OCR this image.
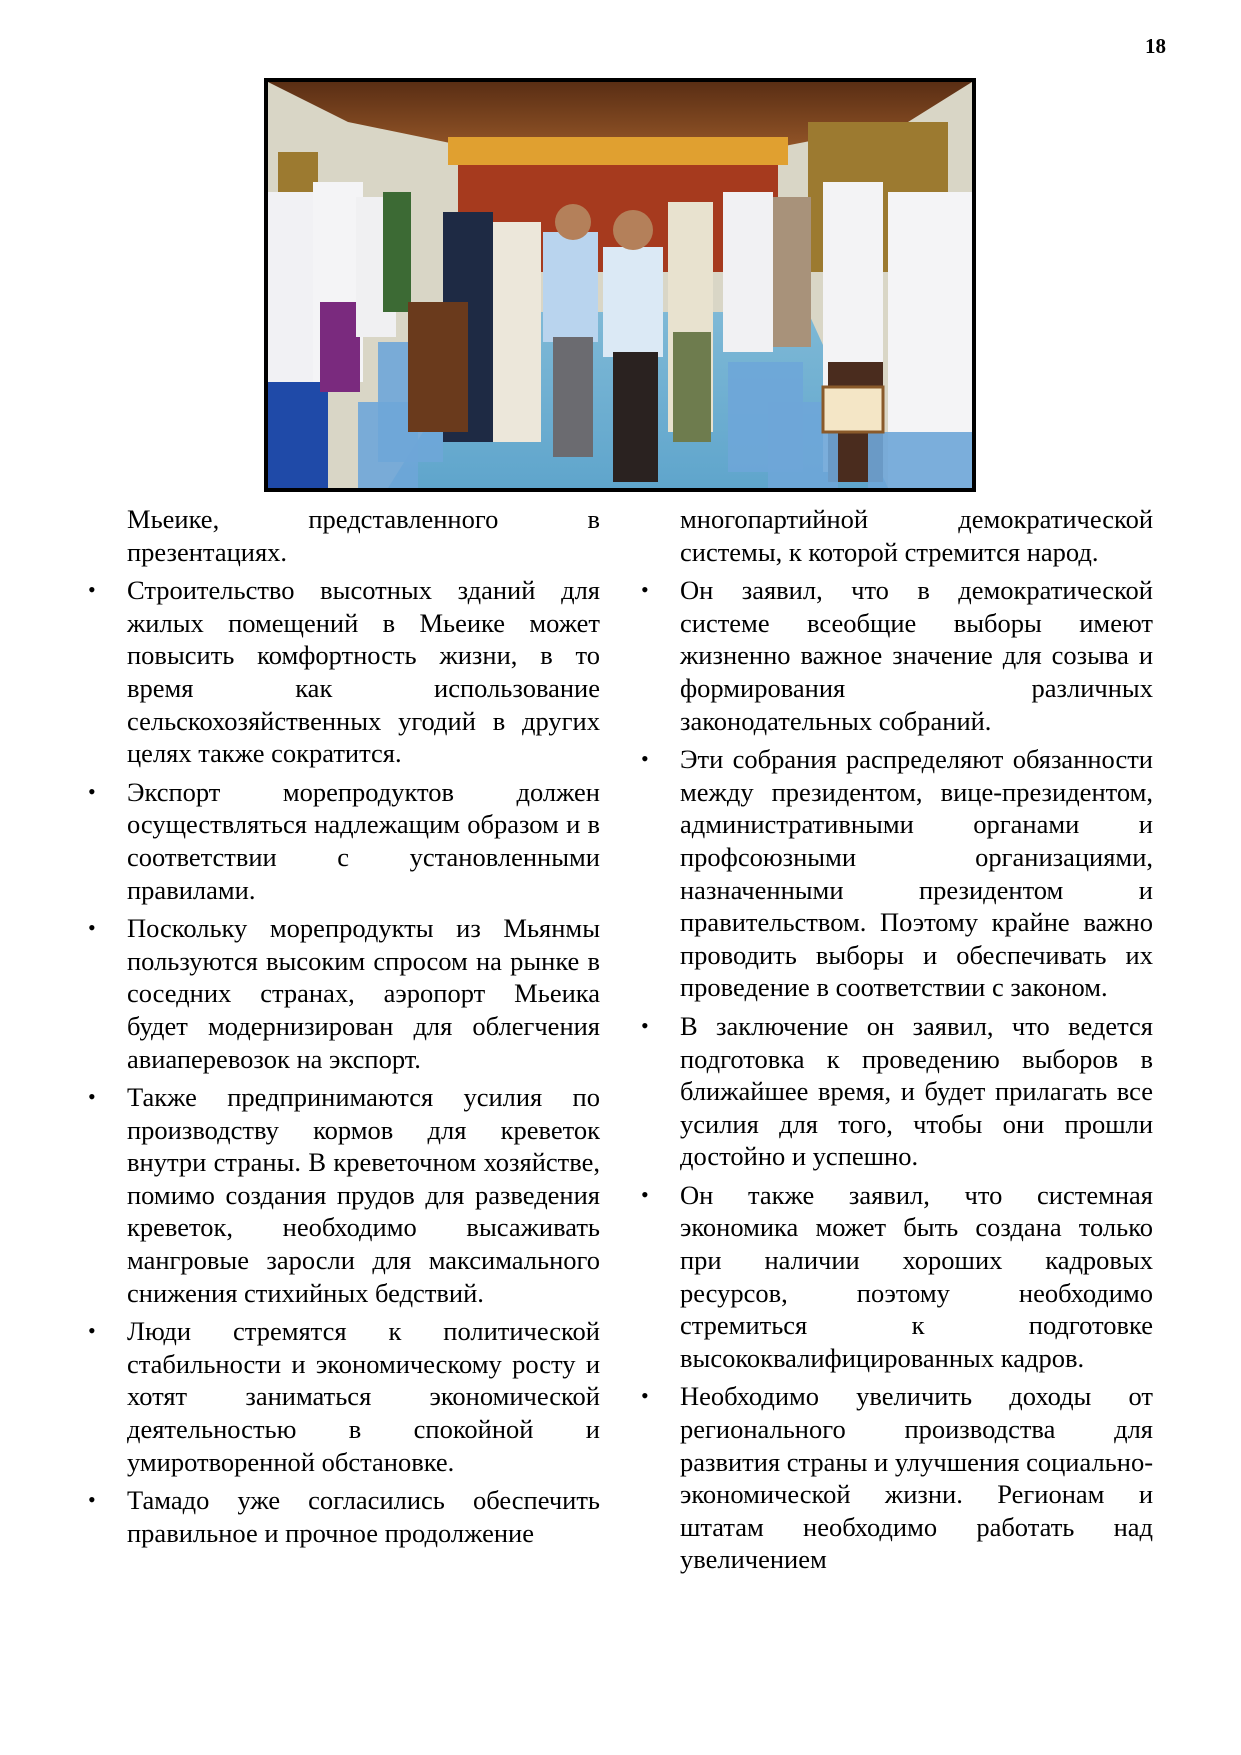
18
Мьеике, представленного в презентациях.
• Строительство высотных зданий для жилых помещений в Мьеике может повысить комфортность жизни, в то время как использование сельскохозяйственных угодий в других целях также сократится.
• Экспорт морепродуктов должен осуществляться надлежащим образом и в соответствии с установленными правилами.
• Поскольку морепродукты из Мьянмы пользуются высоким спросом на рынке в соседних странах, аэропорт Мьеика будет модернизирован для облегчения авиаперевозок на экспорт.
• Также предпринимаются усилия по производству кормов для креветок внутри страны. В креветочном хозяйстве, помимо создания прудов для разведения креветок, необходимо высаживать мангровые заросли для максимального снижения стихийных бедствий.
• Люди стремятся к политической стабильности и экономическому росту и хотят заниматься экономической деятельностью в спокойной и умиротворенной обстановке.
• Тамадо уже согласились обеспечить правильное и прочное продолжение
многопартийной демократической системы, к которой стремится народ.
• Он заявил, что в демократической системе всеобщие выборы имеют жизненно важное значение для созыва и формирования различных законодательных собраний.
• Эти собрания распределяют обязанности между президентом, вице-президентом, административными органами и профсоюзными организациями, назначенными президентом и правительством. Поэтому крайне важно проводить выборы и обеспечивать их проведение в соответствии с законом.
• В заключение он заявил, что ведется подготовка к проведению выборов в ближайшее время, и будет прилагать все усилия для того, чтобы они прошли достойно и успешно.
• Он также заявил, что системная экономика может быть создана только при наличии хороших кадровых ресурсов, поэтому необходимо стремиться к подготовке высококвалифицированных кадров.
• Необходимо увеличить доходы от регионального производства для развития страны и улучшения социально-экономической жизни. Регионам и штатам необходимо работать над увеличением
